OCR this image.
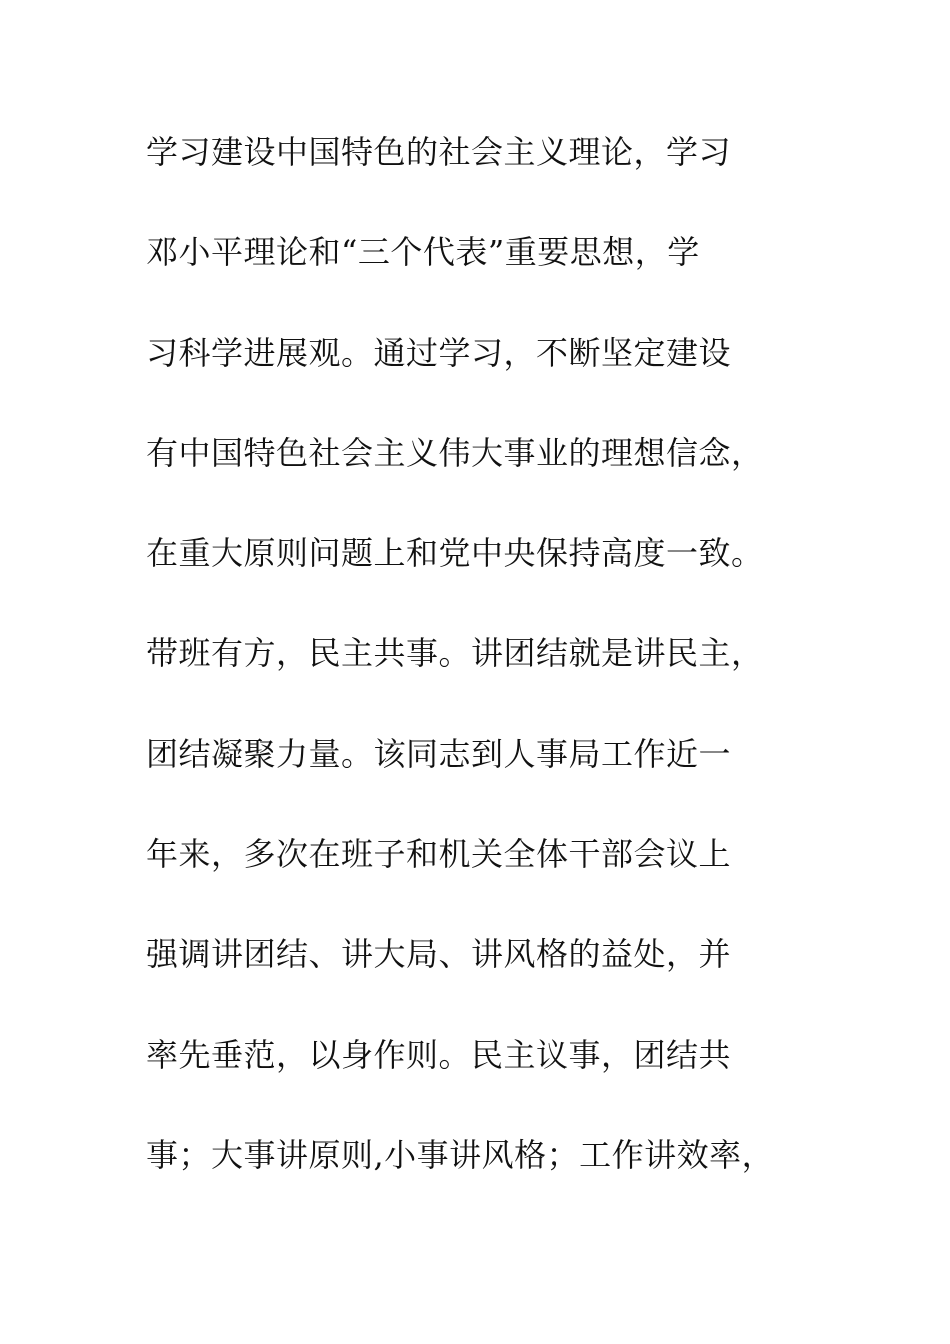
学习建设中国特色的社会主义理论，学习
邓小平理论和“三个代表”重要思想，学
习科学进展观。通过学习，不断坚定建设
有中国特色社会主义伟大事业的理想信念，
在重大原则问题上和党中央保持高度一致。
带班有方，民主共事。讲团结就是讲民主，
团结凝聚力量。该同志到人事局工作近一
年来，多次在班子和机关全体干部会议上
强调讲团结、讲大局、讲风格的益处，并
率先垂范，以身作则。民主议事，团结共
事；大事讲原则,小事讲风格；工作讲效率，
